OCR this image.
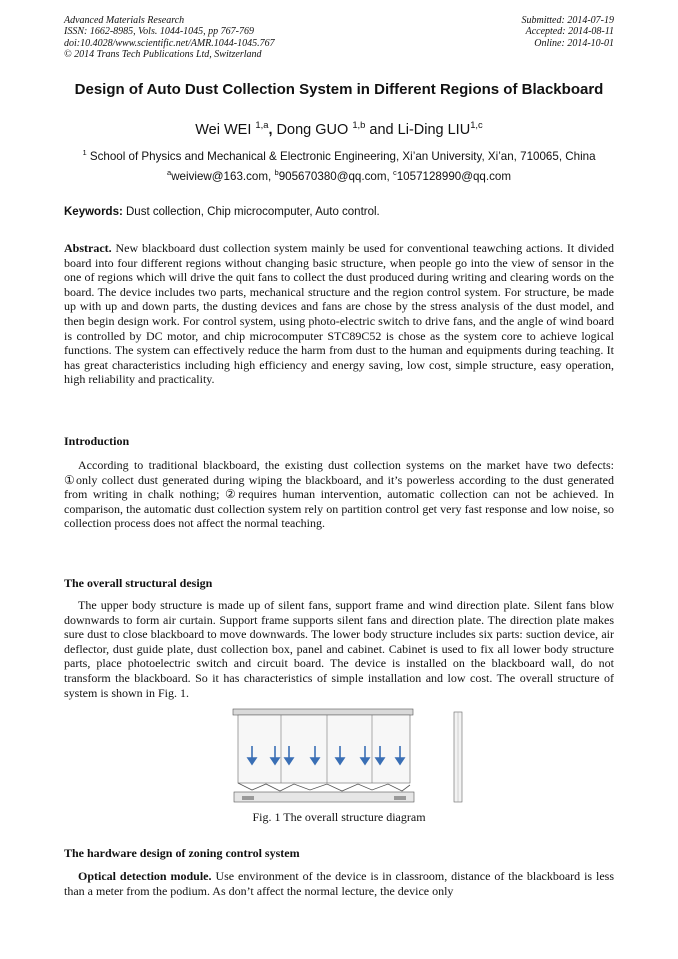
Advanced Materials Research
ISSN: 1662-8985, Vols. 1044-1045, pp 767-769
doi:10.4028/www.scientific.net/AMR.1044-1045.767
© 2014 Trans Tech Publications Ltd, Switzerland
Submitted: 2014-07-19
Accepted: 2014-08-11
Online: 2014-10-01
Design of Auto Dust Collection System in Different Regions of Blackboard
Wei WEI $^{1,a}$, Dong GUO $^{1,b}$ and Li-Ding LIU$^{1,c}$
$^1$ School of Physics and Mechanical & Electronic Engineering, Xi’an University, Xi’an, 710065, China
$^a$weiview@163.com, $^b$905670380@qq.com, $^c$1057128990@qq.com
Keywords: Dust collection, Chip microcomputer, Auto control.

Abstract. New blackboard dust collection system mainly be used for conventional teawching actions. It divided board into four different regions without changing basic structure, when people go into the view of sensor in the one of regions which will drive the quit fans to collect the dust produced during writing and clearing words on the board. The device includes two parts, mechanical structure and the region control system. For structure, be made up with up and down parts, the dusting devices and fans are chose by the stress analysis of the dust model, and then begin design work. For control system, using photo-electric switch to drive fans, and the angle of wind board is controlled by DC motor, and chip microcomputer STC89C52 is chose as the system core to achieve logical functions. The system can effectively reduce the harm from dust to the human and equipments during teaching. It has great characteristics including high efficiency and energy saving, low cost, simple structure, easy operation, high reliability and practicality.

Introduction

According to traditional blackboard, the existing dust collection systems on the market have two defects: ①only collect dust generated during wiping the blackboard, and it’s powerless according to the dust generated from writing in chalk nothing; ②requires human intervention, automatic collection can not be achieved. In comparison, the automatic dust collection system rely on partition control get very fast response and low noise, so collection process does not affect the normal teaching.

The overall structural design

The upper body structure is made up of silent fans, support frame and wind direction plate. Silent fans blow downwards to form air curtain. Support frame supports silent fans and direction plate. The direction plate makes sure dust to close blackboard to move downwards. The lower body structure includes six parts: suction device, air deflector, dust guide plate, dust collection box, panel and cabinet. Cabinet is used to fix all lower body structure parts, place photoelectric switch and circuit board. The device is installed on the blackboard wall, do not transform the blackboard. So it has characteristics of simple installation and low cost. The overall structure of system is shown in Fig. 1.

Fig. 1 The overall structure diagram
The hardware design of zoning control system

Optical detection module. Use environment of the device is in classroom, distance of the blackboard is less than a meter from the podium. As don’t affect the normal lecture, the device only
